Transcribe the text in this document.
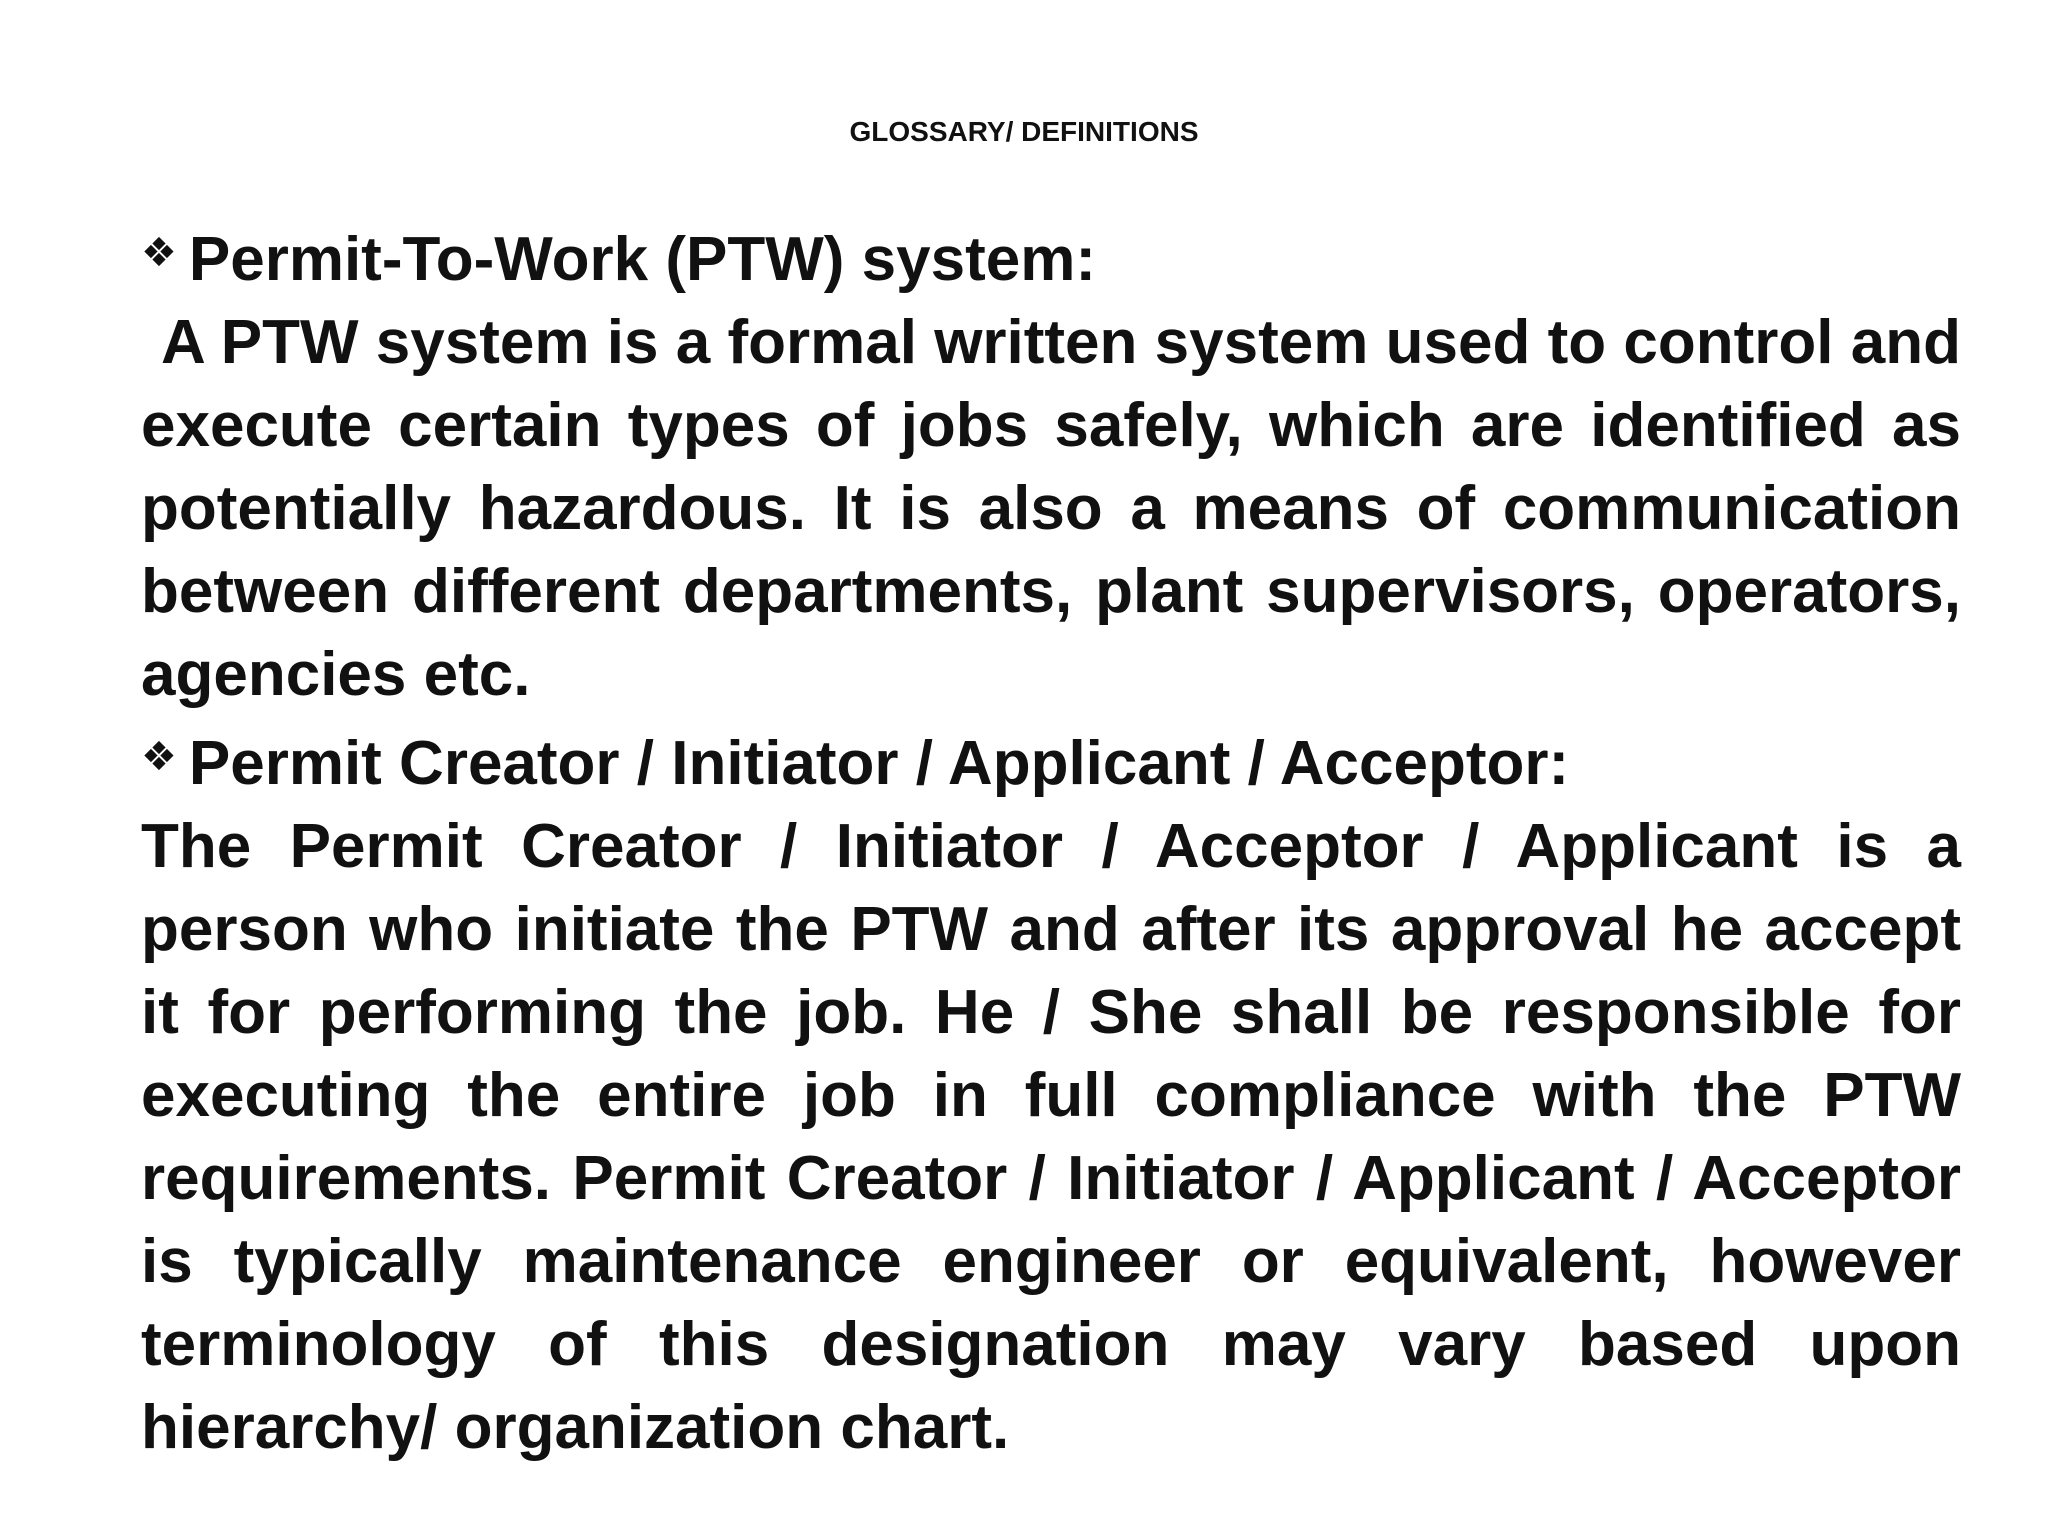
GLOSSARY/ DEFINITIONS
❖ Permit-To-Work (PTW) system:
A PTW system is a formal written system used to control and execute certain types of jobs safely, which are identified as potentially hazardous. It is also a means of communication between different departments, plant supervisors, operators, agencies etc.
❖ Permit Creator / Initiator / Applicant / Acceptor:
The Permit Creator / Initiator / Acceptor / Applicant is a person who initiate the PTW and after its approval he accept it for performing the job. He / She shall be responsible for executing the entire job in full compliance with the PTW requirements. Permit Creator / Initiator / Applicant / Acceptor is typically maintenance engineer or equivalent, however terminology of this designation may vary based upon hierarchy/ organization chart.
